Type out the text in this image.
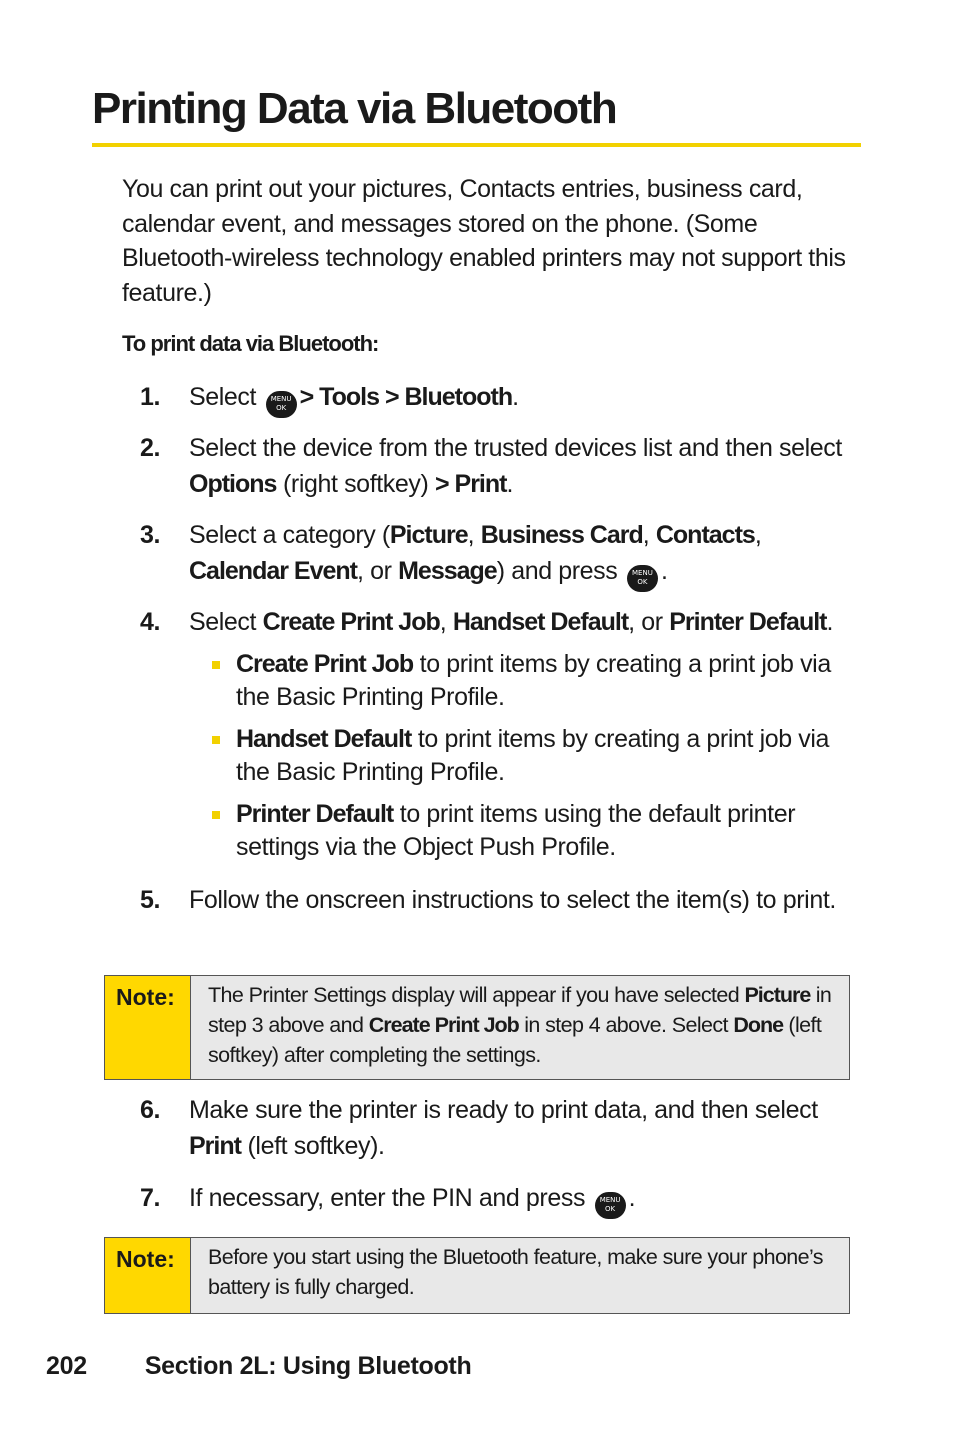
Printing Data via Bluetooth

You can print out your pictures, Contacts entries, business card, calendar event, and messages stored on the phone. (Some Bluetooth-wireless technology enabled printers may not support this feature.)

To print data via Bluetooth:

1.	Select	MENU
OK > Tools > Bluetooth.
2.	Select the device from the trusted devices list and then select Options (right softkey) > Print.
3.	Select a category (Picture, Business Card, Contacts, Calendar Event, or Message) and press	MENU
OK .
4.	Select Create Print Job, Handset Default, or Printer Default.
Create Print Job to print items by creating a print job via the Basic Printing Profile.
Handset Default to print items by creating a print job via the Basic Printing Profile.
Printer Default to print items using the default printer settings via the Object Push Profile.
5.	Follow the onscreen instructions to select the item(s) to print.
Note:	The Printer Settings display will appear if you have selected Picture in step 3 above and Create Print Job in step 4 above. Select Done (left softkey) after completing the settings.
6.	Make sure the printer is ready to print data, and then select Print (left softkey).
7.	If necessary, enter the PIN and press	MENU
OK .
Note:	Before you start using the Bluetooth feature, make sure your phone’s battery is fully charged.
202 Section 2L: Using Bluetooth
